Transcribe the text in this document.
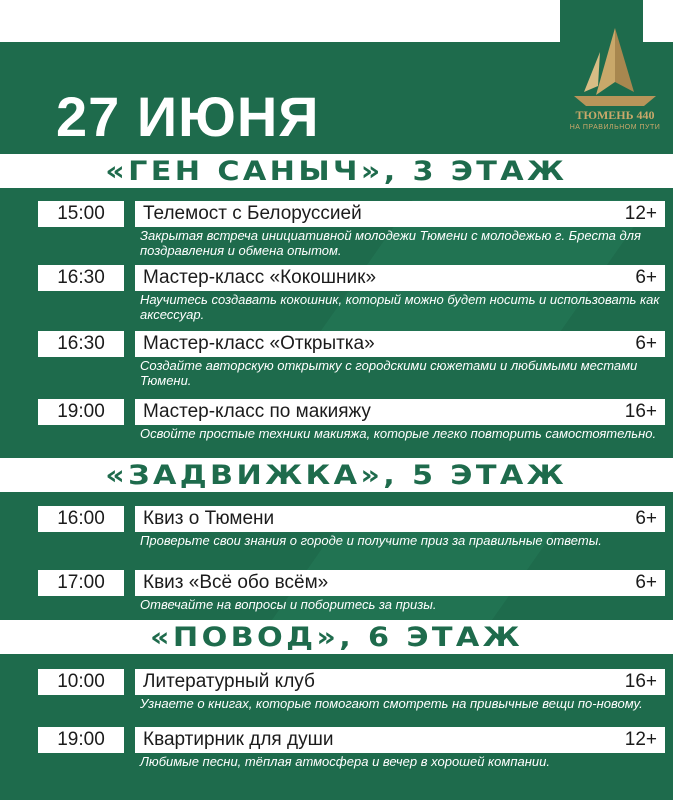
27 ИЮНЯ	ТЮМЕНЬ 440
НА ПРАВИЛЬНОМ ПУТИ
«ГЕН САНЫЧ», 3 ЭТАЖ
15:00	Телемост с Белоруссией	12+

Закрытая встреча инициативной молодежи Тюмени с молодежью г. Бреста для поздравления и обмена опытом.

16:30	Мастер-класс «Кокошник»	6+

Научитесь создавать кокошник, который можно будет носить и использовать как аксессуар.

16:30	Мастер-класс «Открытка»	6+

Создайте авторскую открытку с городскими сюжетами и любимыми местами Тюмени.

19:00	Мастер-класс по макияжу	16+

Освойте простые техники макияжа, которые легко повторить самостоятельно.

«ЗАДВИЖКА», 5 ЭТАЖ
16:00	Квиз о Тюмени	6+

Проверьте свои знания о городе и получите приз за правильные ответы.

17:00	Квиз «Всё обо всём»	6+

Отвечайте на вопросы и поборитесь за призы.

«ПОВОД», 6 ЭТАЖ
10:00	Литературный клуб	16+

Узнаете о книгах, которые помогают смотреть на привычные вещи по-новому.

19:00	Квартирник для души	12+

Любимые песни, тёплая атмосфера и вечер в хорошей компании.
